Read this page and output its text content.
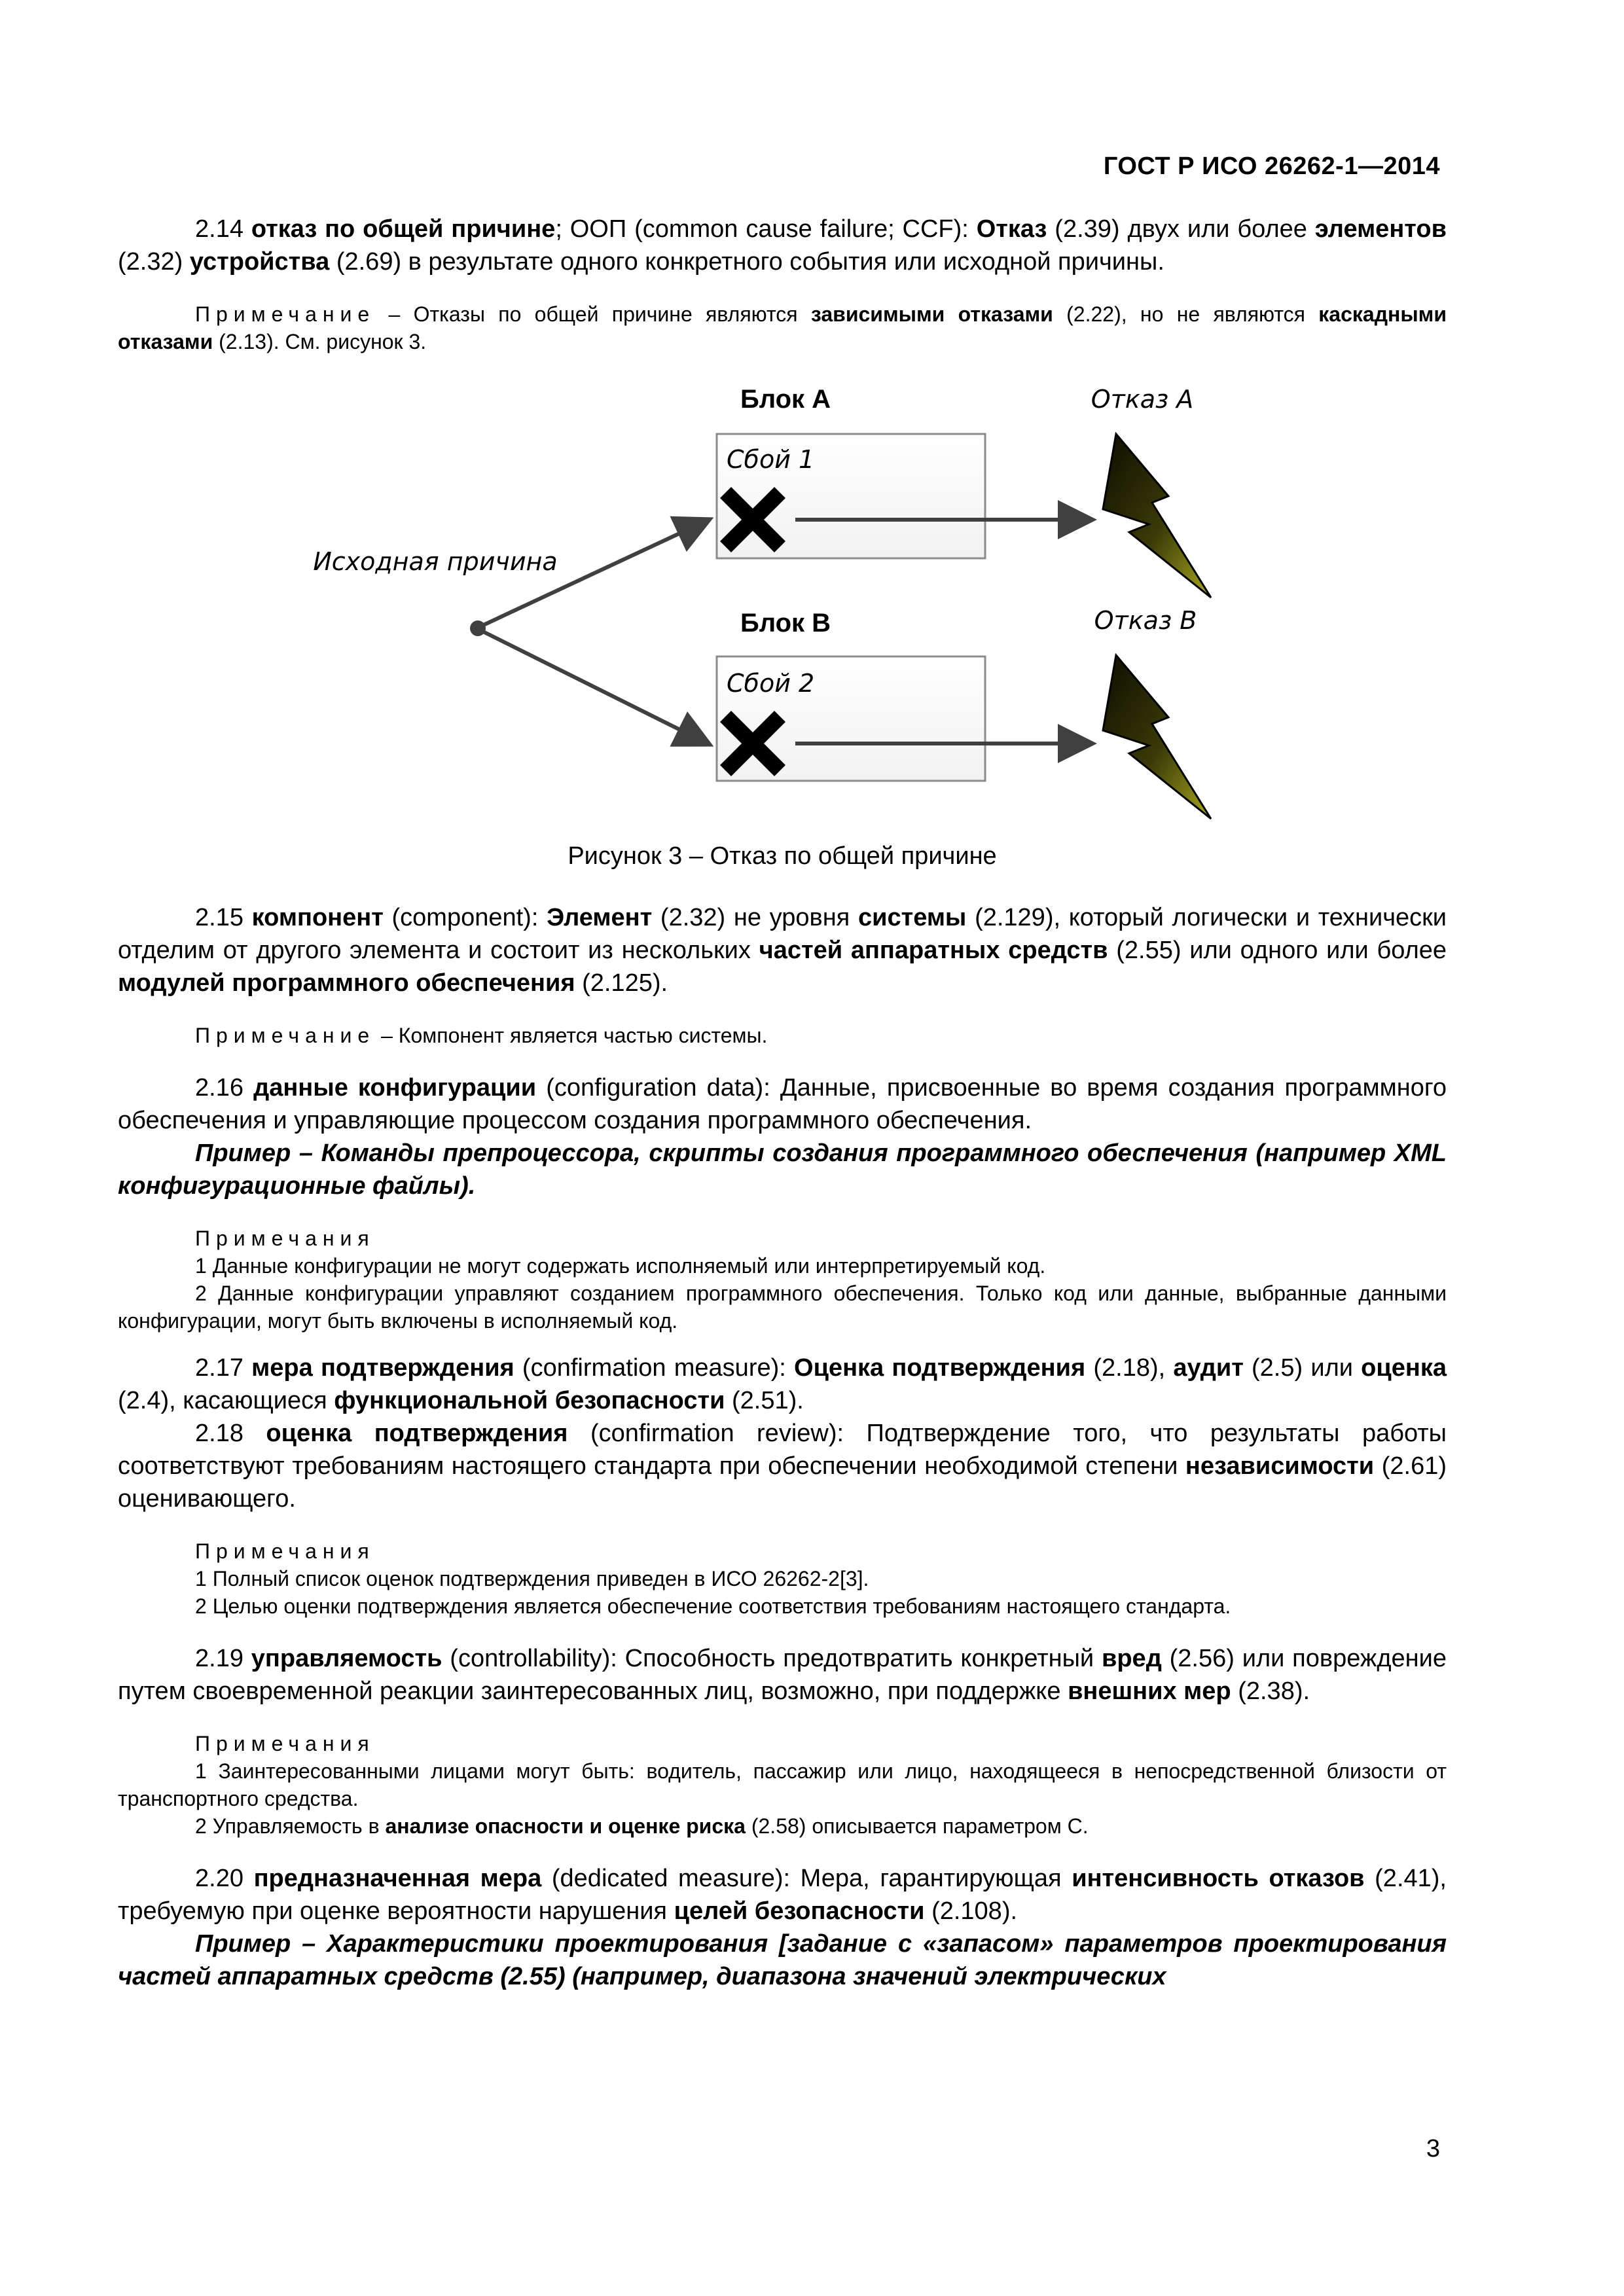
ГОСТ Р ИСО 26262-1—2014

2.14 отказ по общей причине; ООП (common cause failure; CCF): Отказ (2.39) двух или более элементов (2.32) устройства (2.69) в результате одного конкретного события или исходной причины.

Примечание – Отказы по общей причине являются зависимыми отказами (2.22), но не являются каскадными отказами (2.13). См. рисунок 3.

Блок А
Блок В
Сбой 1
Сбой 2
Отказ А
Отказ В
Исходная причина

Рисунок 3 – Отказ по общей причине

2.15 компонент (component): Элемент (2.32) не уровня системы (2.129), который логически и технически отделим от другого элемента и состоит из нескольких частей аппаратных средств (2.55) или одного или более модулей программного обеспечения (2.125).

Примечание – Компонент является частью системы.

2.16 данные конфигурации (configuration data): Данные, присвоенные во время создания программного обеспечения и управляющие процессом создания программного обеспечения.

Пример – Команды препроцессора, скрипты создания программного обеспечения (например XML конфигурационные файлы).

Примечания

1 Данные конфигурации не могут содержать исполняемый или интерпретируемый код.

2 Данные конфигурации управляют созданием программного обеспечения. Только код или данные, выбранные данными конфигурации, могут быть включены в исполняемый код.

2.17 мера подтверждения (confirmation measure): Оценка подтверждения (2.18), аудит (2.5) или оценка (2.4), касающиеся функциональной безопасности (2.51).

2.18 оценка подтверждения (confirmation review): Подтверждение того, что результаты работы соответствуют требованиям настоящего стандарта при обеспечении необходимой степени независимости (2.61) оценивающего.

Примечания

1 Полный список оценок подтверждения приведен в ИСО 26262-2[3].

2 Целью оценки подтверждения является обеспечение соответствия требованиям настоящего стандарта.

2.19 управляемость (controllability): Способность предотвратить конкретный вред (2.56) или повреждение путем своевременной реакции заинтересованных лиц, возможно, при поддержке внешних мер (2.38).

Примечания

1 Заинтересованными лицами могут быть: водитель, пассажир или лицо, находящееся в непосредственной близости от транспортного средства.

2 Управляемость в анализе опасности и оценке риска (2.58) описывается параметром С.

2.20 предназначенная мера (dedicated measure): Мера, гарантирующая интенсивность отказов (2.41), требуемую при оценке вероятности нарушения целей безопасности (2.108).

Пример – Характеристики проектирования [задание с «запасом» параметров проектирования частей аппаратных средств (2.55) (например, диапазона значений электрических

3
